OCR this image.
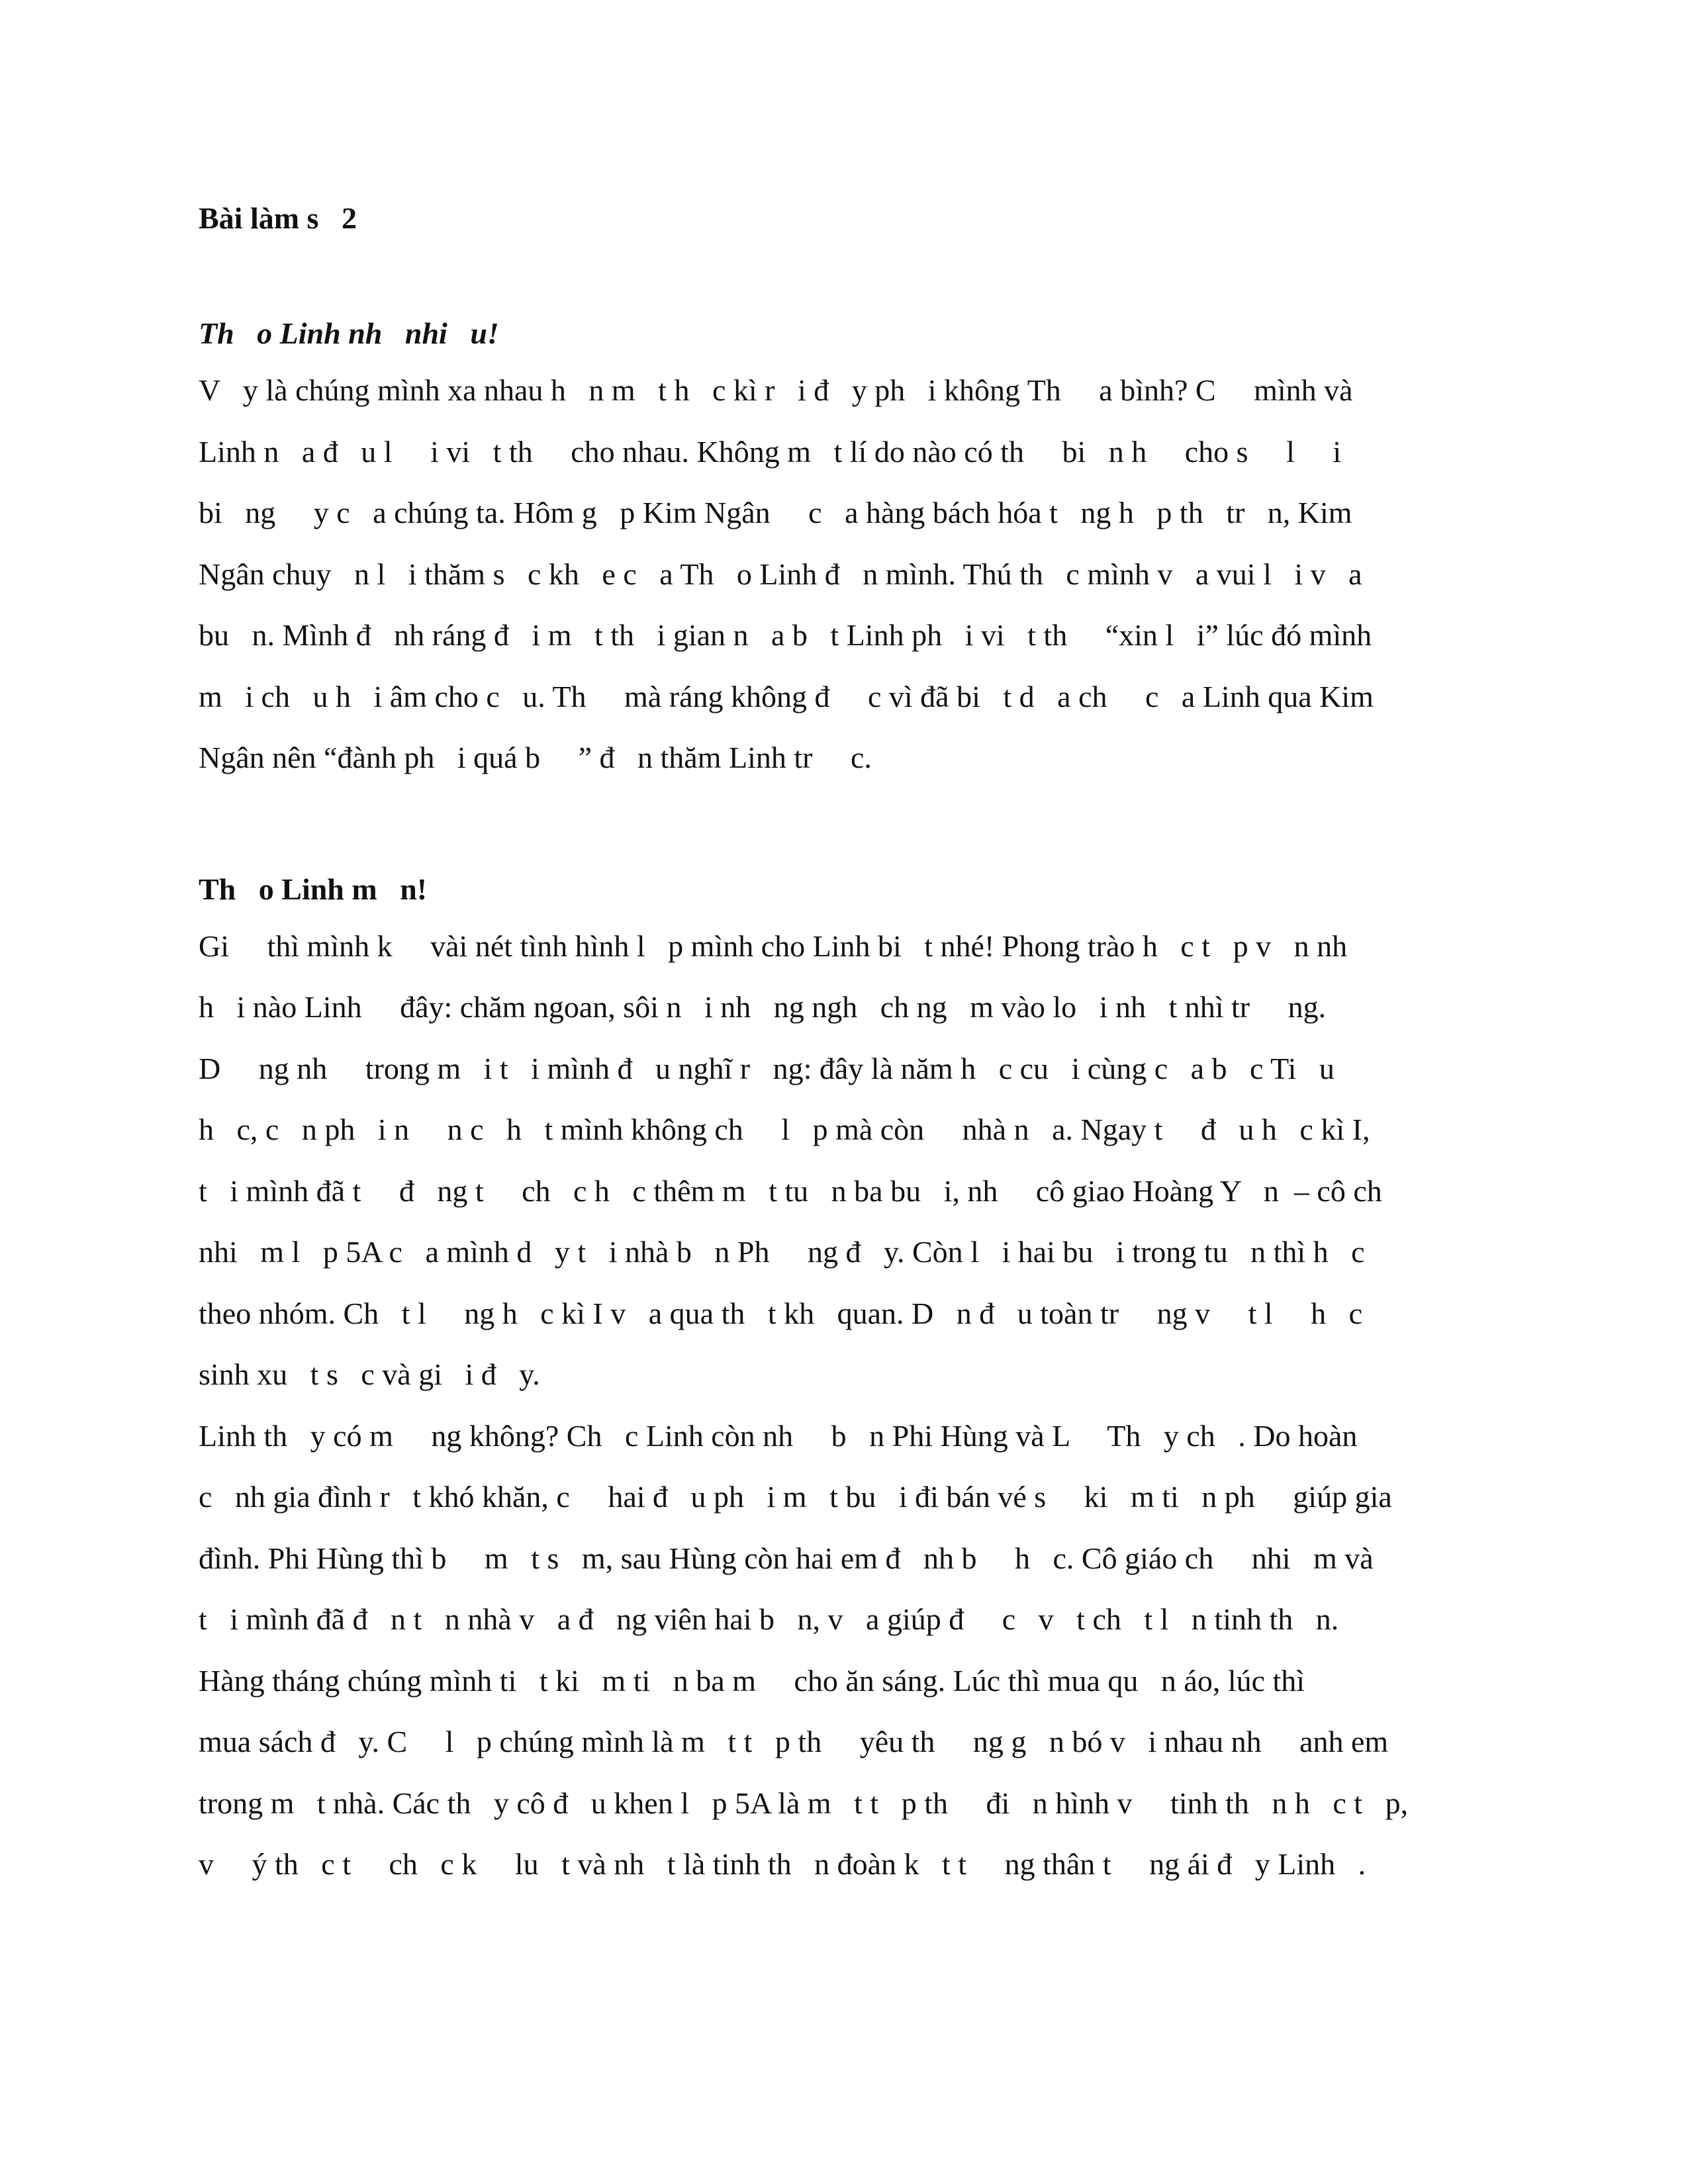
Bài làm s   2
Th   o Linh nh   nhi   u!
V   y là chúng mình xa nhau h   n m   t h   c kì r   i đ   y ph   i không Th     a bình? C     mình và
Linh n   a đ   u l     i vi   t th     cho nhau. Không m   t lí do nào có th     bi   n h     cho s     l     i
bi   ng     y c   a chúng ta. Hôm g   p Kim Ngân     c   a hàng bách hóa t   ng h   p th   tr   n, Kim
Ngân chuy   n l   i thăm s   c kh   e c   a Th   o Linh đ   n mình. Thú th   c mình v   a vui l   i v   a
bu   n. Mình đ   nh ráng đ   i m   t th   i gian n   a b   t Linh ph   i vi   t th     “xin l   i” lúc đó mình
m   i ch   u h   i âm cho c   u. Th     mà ráng không đ     c vì đã bi   t d   a ch     c   a Linh qua Kim
Ngân nên “đành ph   i quá b     ” đ   n thăm Linh tr     c.
Th   o Linh m   n!
Gi     thì mình k     vài nét tình hình l   p mình cho Linh bi   t nhé! Phong trào h   c t   p v   n nh
h   i nào Linh     đây: chăm ngoan, sôi n   i nh   ng ngh   ch ng   m vào lo   i nh   t nhì tr     ng.
D     ng nh     trong m   i t   i mình đ   u nghĩ r   ng: đây là năm h   c cu   i cùng c   a b   c Ti   u
h   c, c   n ph   i n     n c   h   t mình không ch     l   p mà còn     nhà n   a. Ngay t     đ   u h   c kì I,
t   i mình đã t     đ   ng t     ch   c h   c thêm m   t tu   n ba bu   i, nh     cô giao Hoàng Y   n  – cô ch
nhi   m l   p 5A c   a mình d   y t   i nhà b   n Ph     ng đ   y. Còn l   i hai bu   i trong tu   n thì h   c
theo nhóm. Ch   t l     ng h   c kì I v   a qua th   t kh   quan. D   n đ   u toàn tr     ng v     t l     h   c
sinh xu   t s   c và gi   i đ   y.
Linh th   y có m     ng không? Ch   c Linh còn nh     b   n Phi Hùng và L     Th   y ch   . Do hoàn
c   nh gia đình r   t khó khăn, c     hai đ   u ph   i m   t bu   i đi bán vé s     ki   m ti   n ph     giúp gia
đình. Phi Hùng thì b     m   t s   m, sau Hùng còn hai em đ   nh b     h   c. Cô giáo ch     nhi   m và
t   i mình đã đ   n t   n nhà v   a đ   ng viên hai b   n, v   a giúp đ     c   v   t ch   t l   n tinh th   n.
Hàng tháng chúng mình ti   t ki   m ti   n ba m     cho ăn sáng. Lúc thì mua qu   n áo, lúc thì
mua sách đ   y. C     l   p chúng mình là m   t t   p th     yêu th     ng g   n bó v   i nhau nh     anh em
trong m   t nhà. Các th   y cô đ   u khen l   p 5A là m   t t   p th     đi   n hình v     tinh th   n h   c t   p,
v     ý th   c t     ch   c k     lu   t và nh   t là tinh th   n đoàn k   t t     ng thân t     ng ái đ   y Linh   .
